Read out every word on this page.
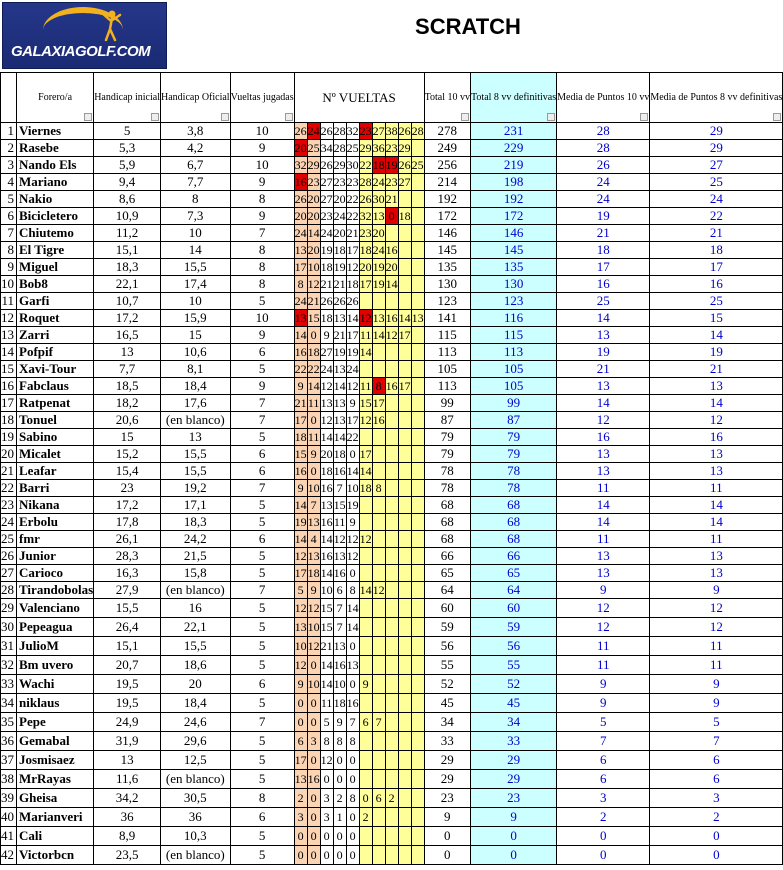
GALAXIAGOLF.COM
SCRATCH
	Forero/a	Handicap inicial	Handicap Oficial	Vueltas jugadas	Nº VUELTAS										Total 10 vv	Total 8 vv definitivas	Media de Puntos 10 vv	Media de Puntos 8 vv definitivas

1	Viernes	5	3,8	10	26	24	26	28	32	23	27	38	26	28	278	231	28	29
2	Rasebe	5,3	4,2	9	20	25	34	28	25	29	36	23	29		249	229	28	29
3	Nando Els	5,9	6,7	10	32	29	26	29	30	22	18	19	26	25	256	219	26	27
4	Mariano	9,4	7,7	9	16	23	27	23	23	28	24	23	27		214	198	24	25
5	Nakio	8,6	8	8	26	20	27	20	22	26	30	21			192	192	24	24
6	Bicicletero	10,9	7,3	9	20	20	23	24	22	32	13	0	18		172	172	19	22
7	Chiutemo	11,2	10	7	24	14	24	20	21	23	20				146	146	21	21
8	El Tigre	15,1	14	8	13	20	19	18	17	18	24	16			145	145	18	18
9	Miguel	18,3	15,5	8	17	10	18	19	12	20	19	20			135	135	17	17
10	Bob8	22,1	17,4	8	8	12	21	21	18	17	19	14			130	130	16	16
11	Garfi	10,7	10	5	24	21	26	26	26						123	123	25	25
12	Roquet	17,2	15,9	10	13	15	18	13	14	12	13	16	14	13	141	116	14	15
13	Zarri	16,5	15	9	14	0	9	21	17	11	14	12	17		115	115	13	14
14	Pofpif	13	10,6	6	16	18	27	19	19	14					113	113	19	19
15	Xavi-Tour	7,7	8,1	5	22	22	24	13	24						105	105	21	21
16	Fabclaus	18,5	18,4	9	9	14	12	14	12	11	8	16	17		113	105	13	13
17	Ratpenat	18,2	17,6	7	21	11	13	13	9	15	17				99	99	14	14
18	Tonuel	20,6	(en blanco)	7	17	0	12	13	17	12	16				87	87	12	12
19	Sabino	15	13	5	18	11	14	14	22						79	79	16	16
20	Micalet	15,2	15,5	6	15	9	20	18	0	17					79	79	13	13
21	Leafar	15,4	15,5	6	16	0	18	16	14	14					78	78	13	13
22	Barri	23	19,2	7	9	10	16	7	10	18	8				78	78	11	11
23	Nikana	17,2	17,1	5	14	7	13	15	19						68	68	14	14
24	Erbolu	17,8	18,3	5	19	13	16	11	9						68	68	14	14
25	fmr	26,1	24,2	6	14	4	14	12	12	12					68	68	11	11
26	Junior	28,3	21,5	5	12	13	16	13	12						66	66	13	13
27	Carioco	16,3	15,8	5	17	18	14	16	0						65	65	13	13
28	Tirandobolas	27,9	(en blanco)	7	5	9	10	6	8	14	12				64	64	9	9
29	Valenciano	15,5	16	5	12	12	15	7	14						60	60	12	12
30	Pepeagua	26,4	22,1	5	13	10	15	7	14						59	59	12	12
31	JulioM	15,1	15,5	5	10	12	21	13	0						56	56	11	11
32	Bm uvero	20,7	18,6	5	12	0	14	16	13						55	55	11	11
33	Wachi	19,5	20	6	9	10	14	10	0	9					52	52	9	9
34	niklaus	19,5	18,4	5	0	0	11	18	16						45	45	9	9
35	Pepe	24,9	24,6	7	0	0	5	9	7	6	7				34	34	5	5
36	Gemabal	31,9	29,6	5	6	3	8	8	8						33	33	7	7
37	Josmisaez	13	12,5	5	17	0	12	0	0						29	29	6	6
38	MrRayas	11,6	(en blanco)	5	13	16	0	0	0						29	29	6	6
39	Gheisa	34,2	30,5	8	2	0	3	2	8	0	6	2			23	23	3	3
40	Marianveri	36	36	6	3	0	3	1	0	2					9	9	2	2
41	Cali	8,9	10,3	5	0	0	0	0	0						0	0	0	0
42	Victorbcn	23,5	(en blanco)	5	0	0	0	0	0						0	0	0	0
